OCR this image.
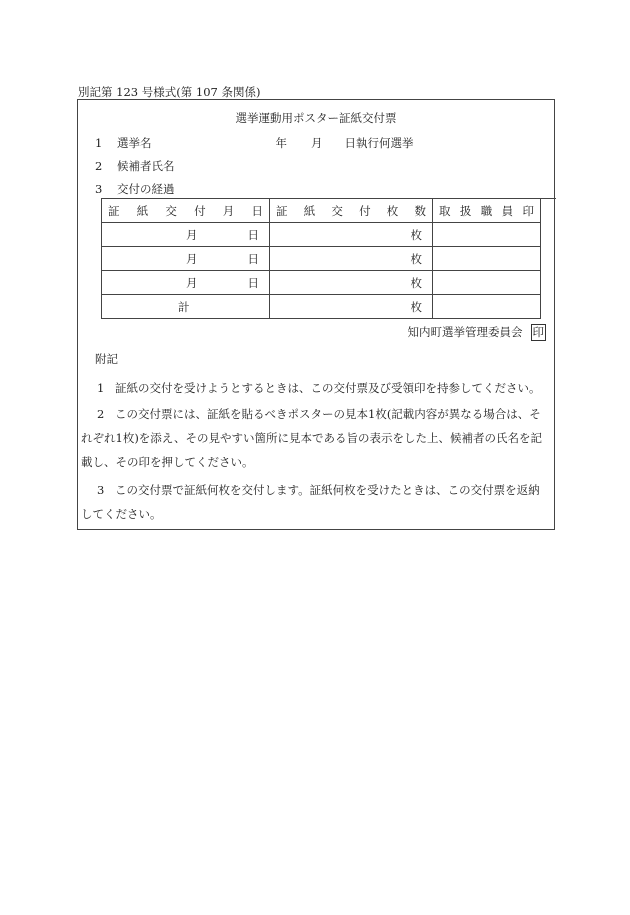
別記第 123 号様式(第 107 条関係)
選挙運動用ポスター証紙交付票
1 選挙名	年 月 日執行何選挙
2 候補者氏名
3 交付の経過
証 紙 交 付 月 日	証 紙 交 付 枚 数	取 扱 職 員 印

月 日	枚	

月 日	枚	

月 日	枚	

計	枚	
知内町選挙管理委員会 印
附記
1 証紙の交付を受けようとするときは、この交付票及び受領印を持参してください。
2 この交付票には、証紙を貼るべきポスターの見本1枚(記載内容が異なる場合は、それぞれ1枚)を添え、その見やすい箇所に見本である旨の表示をした上、候補者の氏名を記載し、その印を押してください。
3 この交付票で証紙何枚を交付します。証紙何枚を受けたときは、この交付票を返納してください。
